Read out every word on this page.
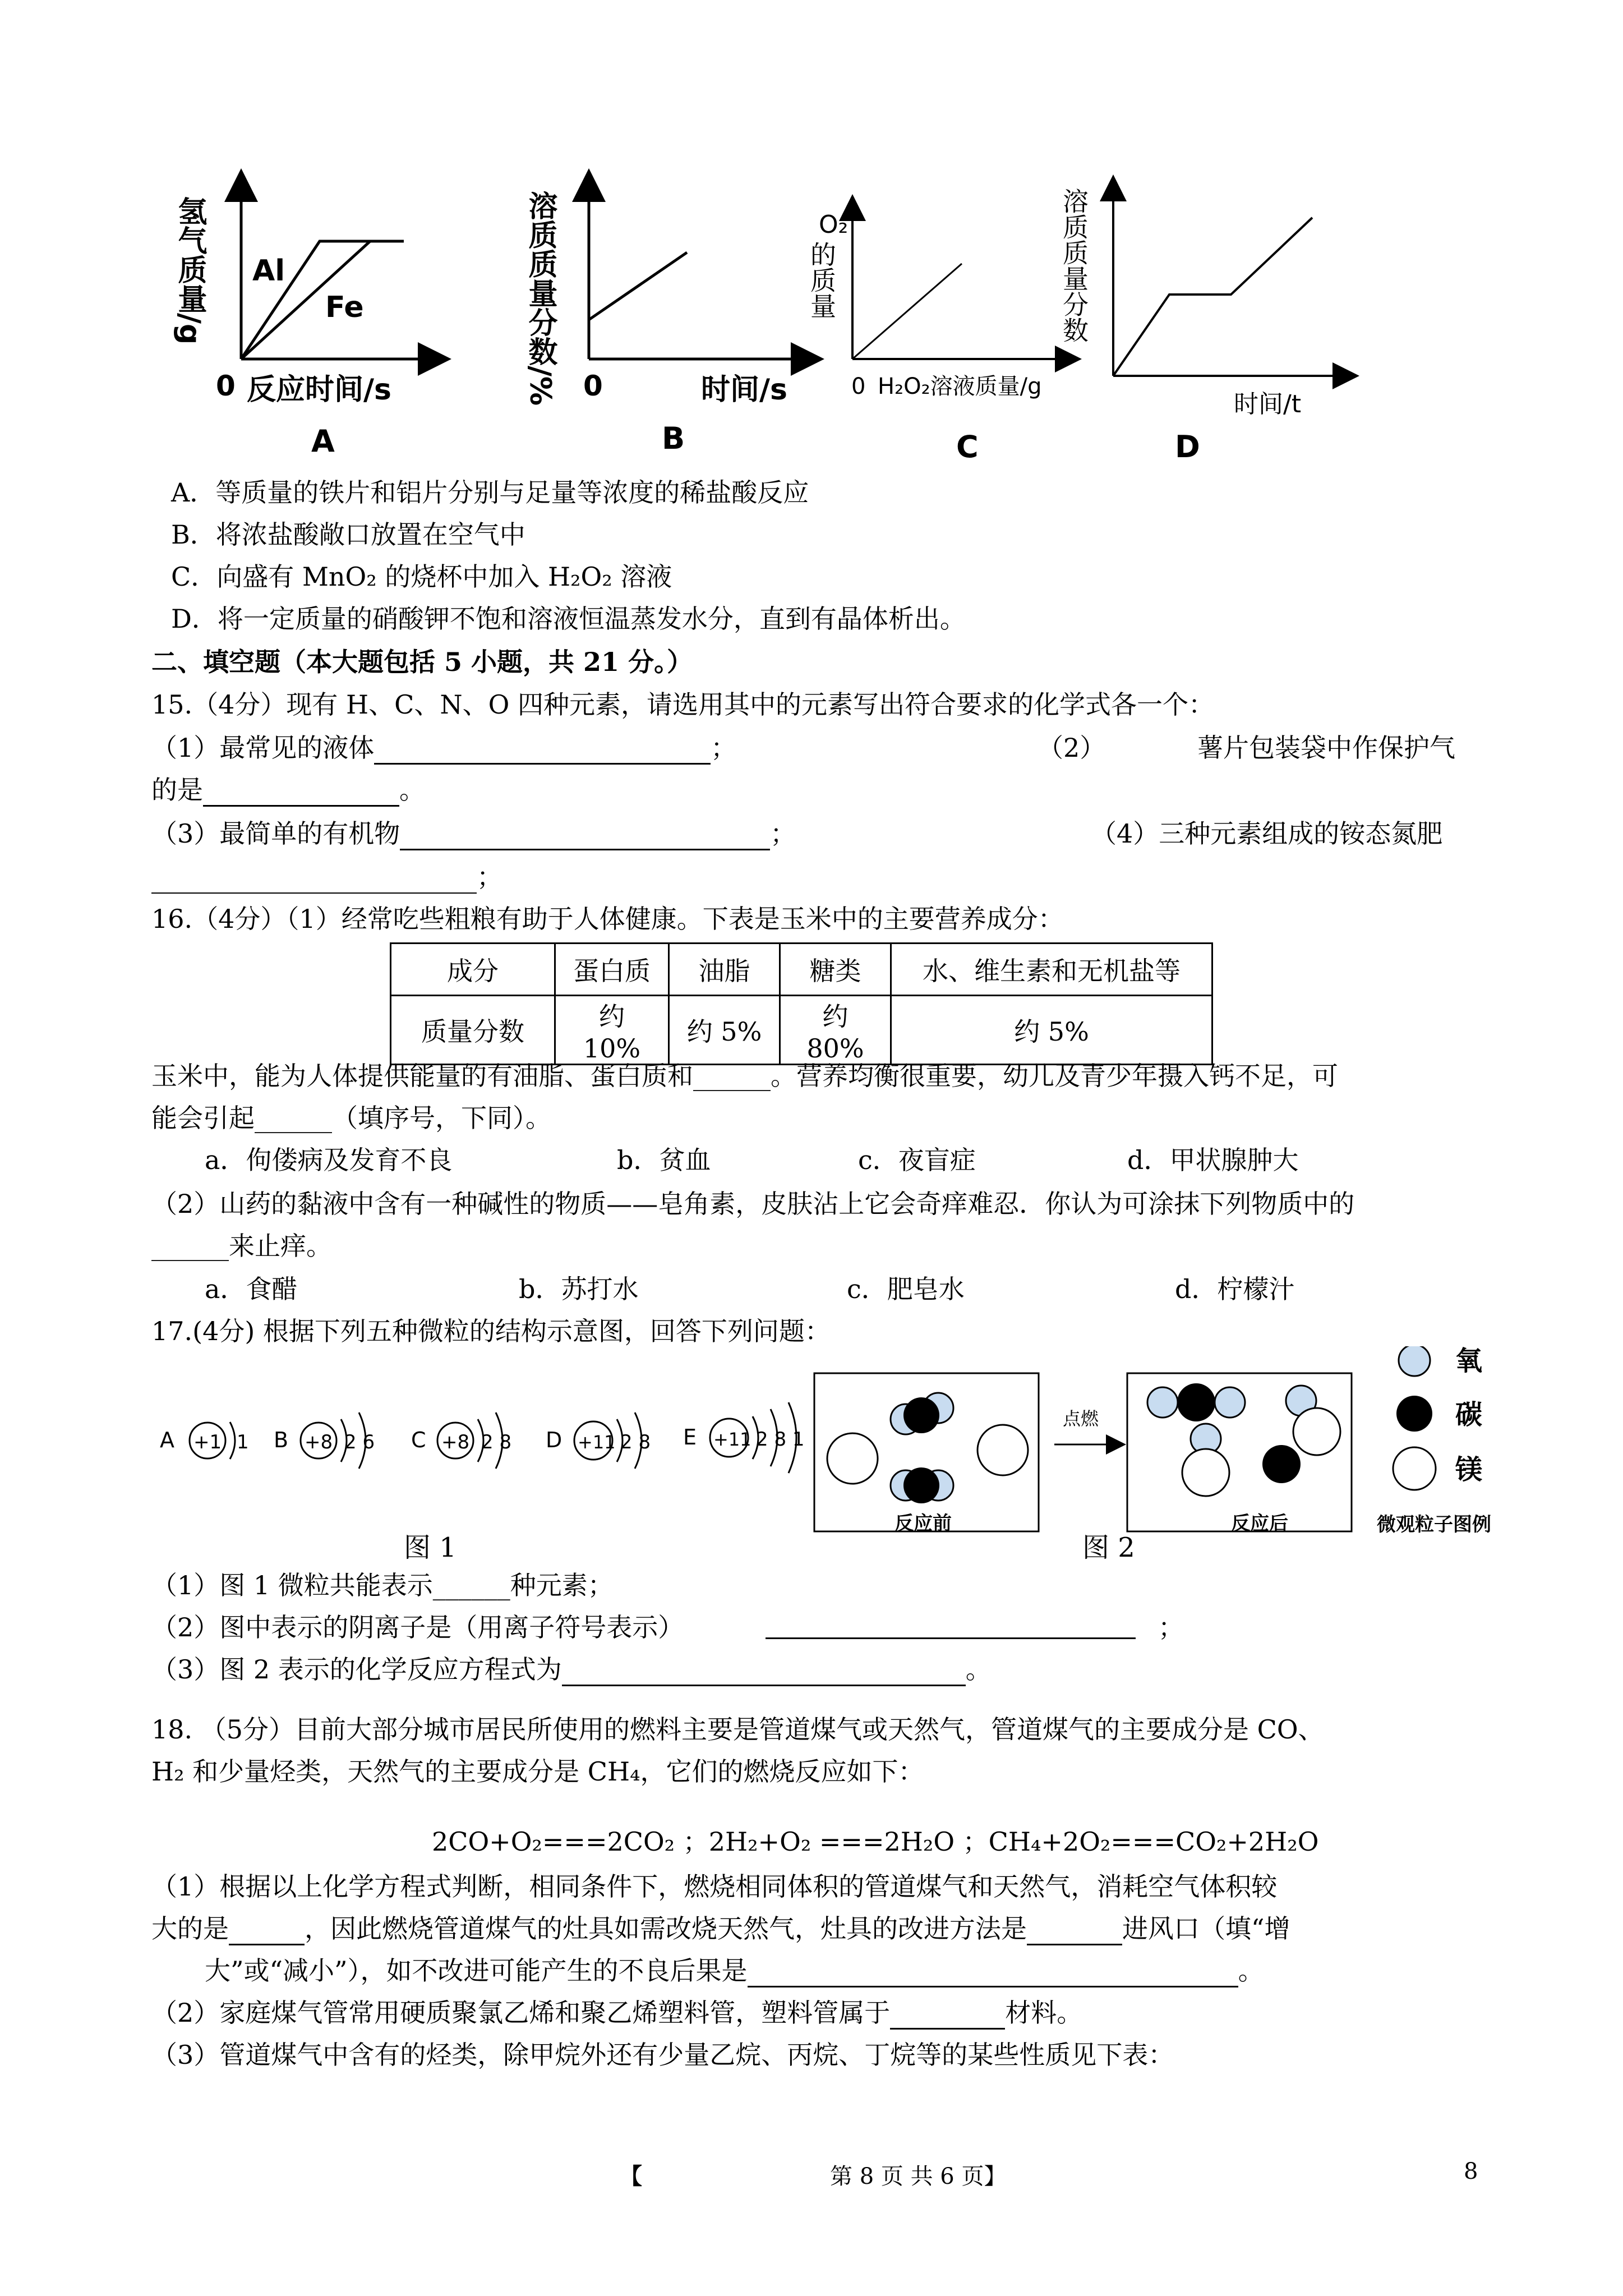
Al
Fe
0 反应时间/s
氢气质量/g
A
0	时间/s
溶质质量分数/%
B
O₂
的质量
0 H₂O₂溶液质量/g
C
溶质质量分数
时间/t
D
A．等质量的铁片和铝片分别与足量等浓度的稀盐酸反应
B．将浓盐酸敞口放置在空气中
C．向盛有 MnO₂ 的烧杯中加入 H₂O₂ 溶液
D．将一定质量的硝酸钾不饱和溶液恒温蒸发水分，直到有晶体析出。
二、填空题（本大题包括 5 小题，共 21 分。）
15.（4分）现有 H、C、N、O 四种元素，请选用其中的元素写出符合要求的化学式各一个：
（1）最常见的液体	；	（2）	薯片包装袋中作保护气
的是	。
（3）最简单的有机物	；	（4）三种元素组成的铵态氮肥
；
16.（4分）（1）经常吃些粗粮有助于人体健康。下表是玉米中的主要营养成分：
成分	蛋白质	油脂	糖类	水、维生素和无机盐等
质量分数	约 10%	约 5%	约 80%	约 5%
玉米中，能为人体提供能量的有油脂、蛋白质和______。营养均衡很重要，幼儿及青少年摄入钙不足，可
能会引起______（填序号，下同）。
a．佝偻病及发育不良	b．贫血	c．夜盲症	d．甲状腺肿大
（2）山药的黏液中含有一种碱性的物质——皂角素，皮肤沾上它会奇痒难忍．你认为可涂抹下列物质中的
______来止痒。
a．食醋	b．苏打水	c．肥皂水	d．柠檬汁
17.(4分) 根据下列五种微粒的结构示意图，回答下列问题：
A +1 1 B +8 2 6 C +8 2 8 D +11 2 8 E +11 2 8 1
点燃
氧
碳
镁
反应前	反应后	微观粒子图例
图 1	图 2
（1）图 1 微粒共能表示______种元素；
（2）图中表示的阴离子是（用离子符号表示）	；
（3）图 2 表示的化学反应方程式为	。
18. （5分）目前大部分城市居民所使用的燃料主要是管道煤气或天然气，管道煤气的主要成分是 CO、
H₂ 和少量烃类，天然气的主要成分是 CH₄，它们的燃烧反应如下：
2CO+O₂===2CO₂ ；2H₂+O₂ ===2H₂O ；CH₄+2O₂===CO₂+2H₂O
（1）根据以上化学方程式判断，相同条件下，燃烧相同体积的管道煤气和天然气，消耗空气体积较
大的是	，因此燃烧管道煤气的灶具如需改烧天然气，灶具的改进方法是	进风口（填“增
大”或“减小”），如不改进可能产生的不良后果是	。
（2）家庭煤气管常用硬质聚氯乙烯和聚乙烯塑料管，塑料管属于	材料。
（3）管道煤气中含有的烃类，除甲烷外还有少量乙烷、丙烷、丁烷等的某些性质见下表：
【	第 8 页 共 6 页】	8
